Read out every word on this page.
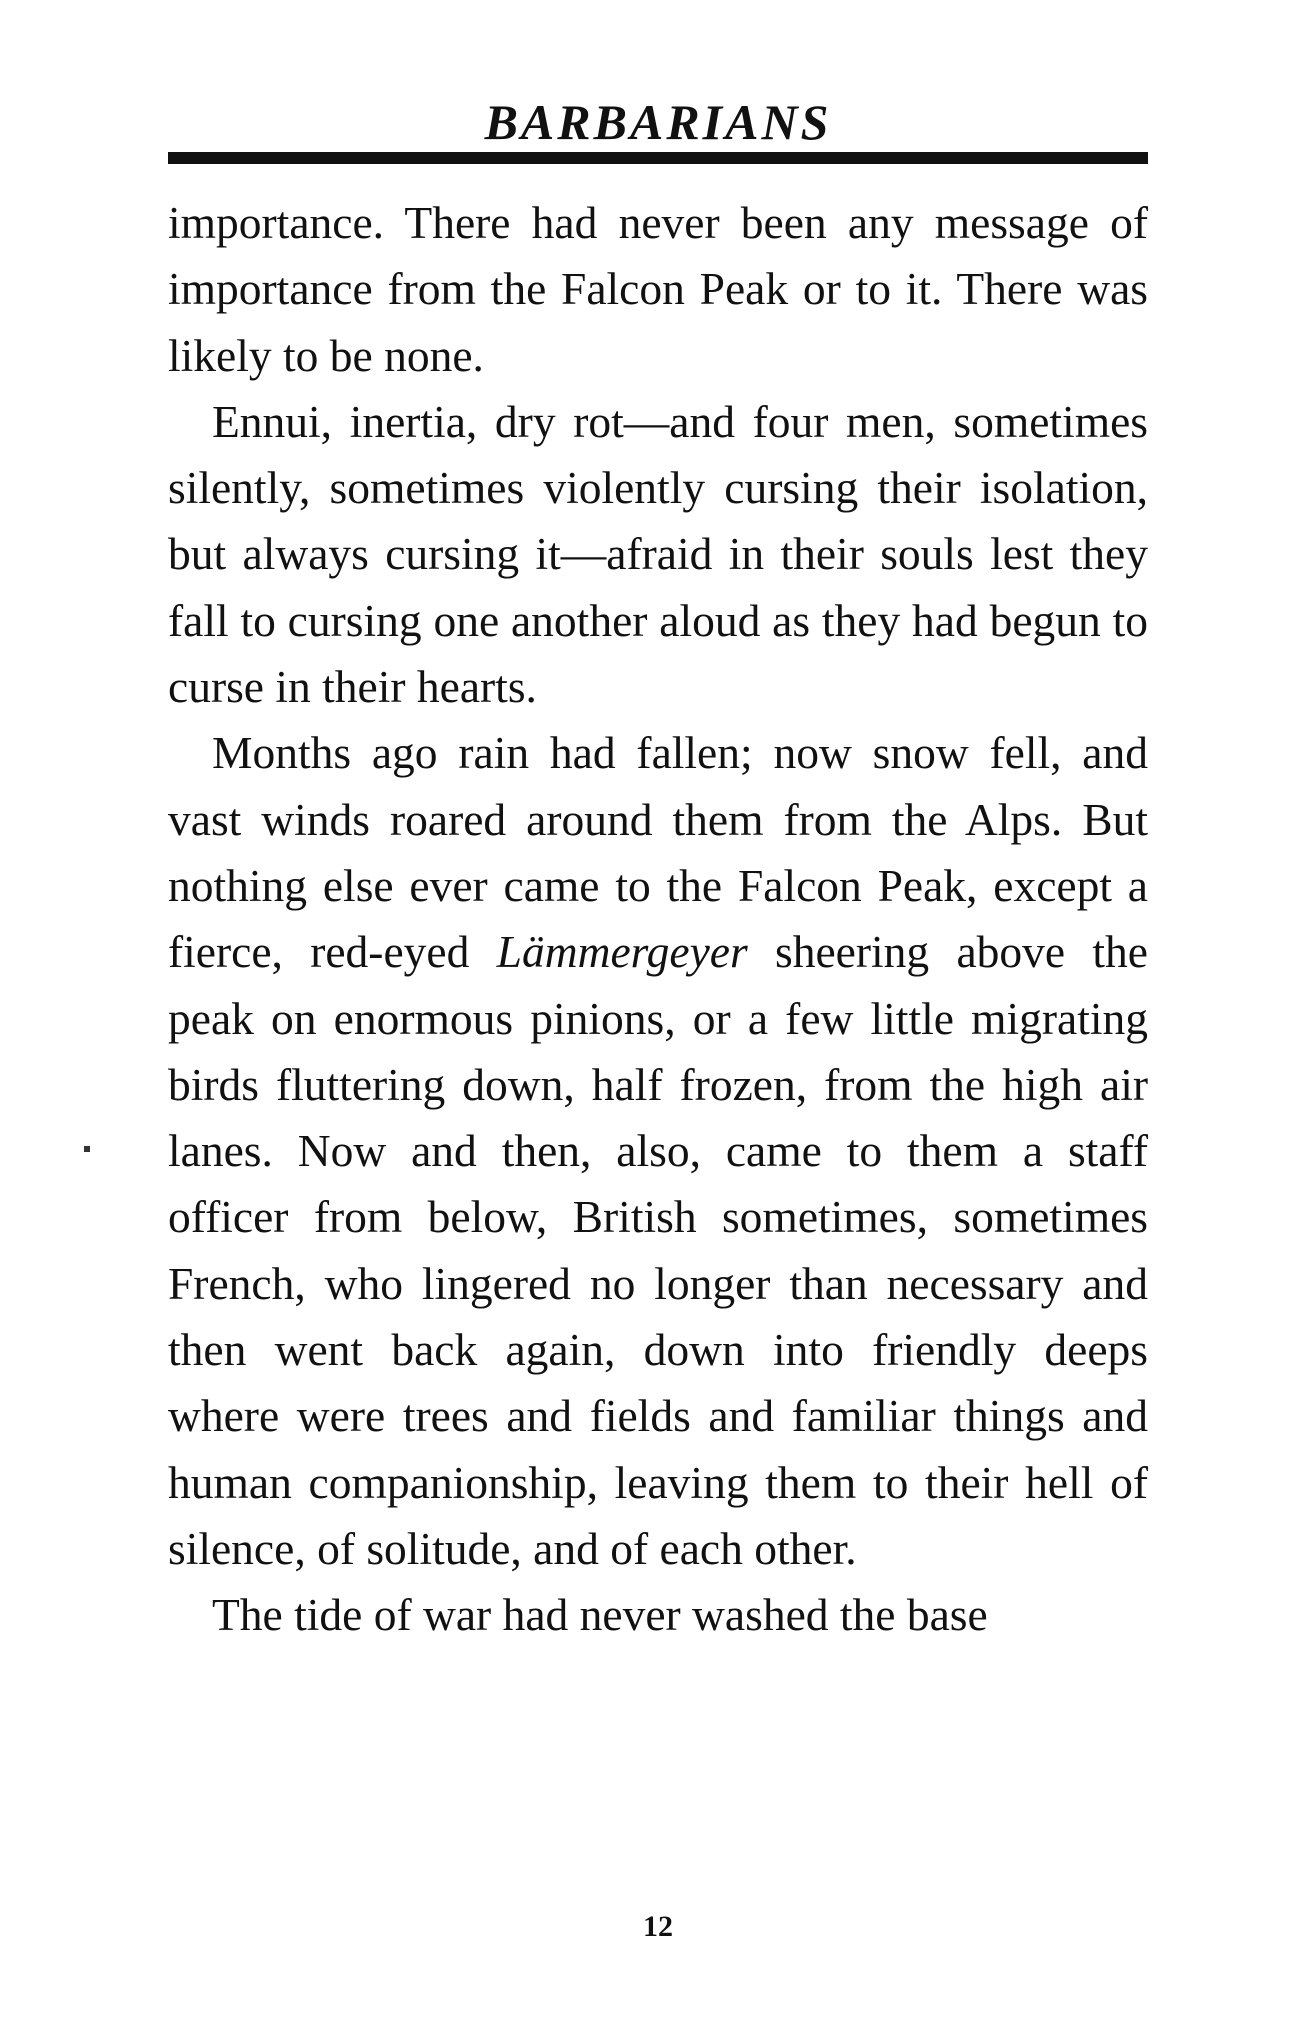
BARBARIANS

importance. There had never been any message of importance from the Falcon Peak or to it. There was likely to be none.

Ennui, inertia, dry rot—and four men, sometimes silently, sometimes violently cursing their isolation, but always cursing it—afraid in their souls lest they fall to cursing one another aloud as they had begun to curse in their hearts.

Months ago rain had fallen; now snow fell, and vast winds roared around them from the Alps. But nothing else ever came to the Falcon Peak, except a fierce, red-eyed Lämmergeyer sheering above the peak on enormous pinions, or a few little migrating birds fluttering down, half frozen, from the high air lanes. Now and then, also, came to them a staff officer from below, British sometimes, sometimes French, who lingered no longer than necessary and then went back again, down into friendly deeps where were trees and fields and familiar things and human companionship, leaving them to their hell of silence, of solitude, and of each other.

The tide of war had never washed the base

12
